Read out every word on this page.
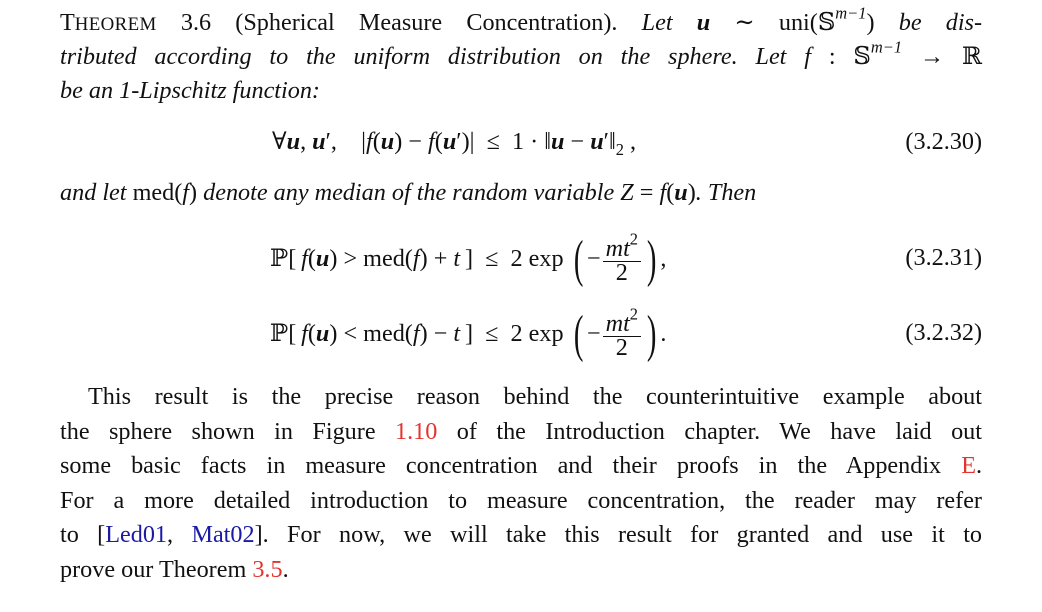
THEOREM 3.6 (Spherical Measure Concentration). Let u ∼ uni(𝕊$^{m-1}$) be dis-
tributed according to the uniform distribution on the sphere. Let f : 𝕊$^{m-1}$ → ℝ
be an 1-Lipschitz function:
∀u, u′,    |f(u) − f(u′)| ≤ 1 · ‖u − $u'‖_2$ ,	(3.2.30)
and let med(f) denote any median of the random variable Z = f(u). Then
ℙ[  f(u) > med(f) + t  ] ≤ 2 exp ( − $\frac{mt^2}{2}$ ) ,	(3.2.31)
ℙ[  f(u) < med(f) − t  ] ≤ 2 exp ( − $\frac{mt^2}{2}$ ) .	(3.2.32)
This result is the precise reason behind the counterintuitive example about
the sphere shown in Figure 1.10 of the Introduction chapter. We have laid out
some basic facts in measure concentration and their proofs in the Appendix E.
For a more detailed introduction to measure concentration, the reader may refer
to [Led01, Mat02]. For now, we will take this result for granted and use it to
prove our Theorem 3.5.
